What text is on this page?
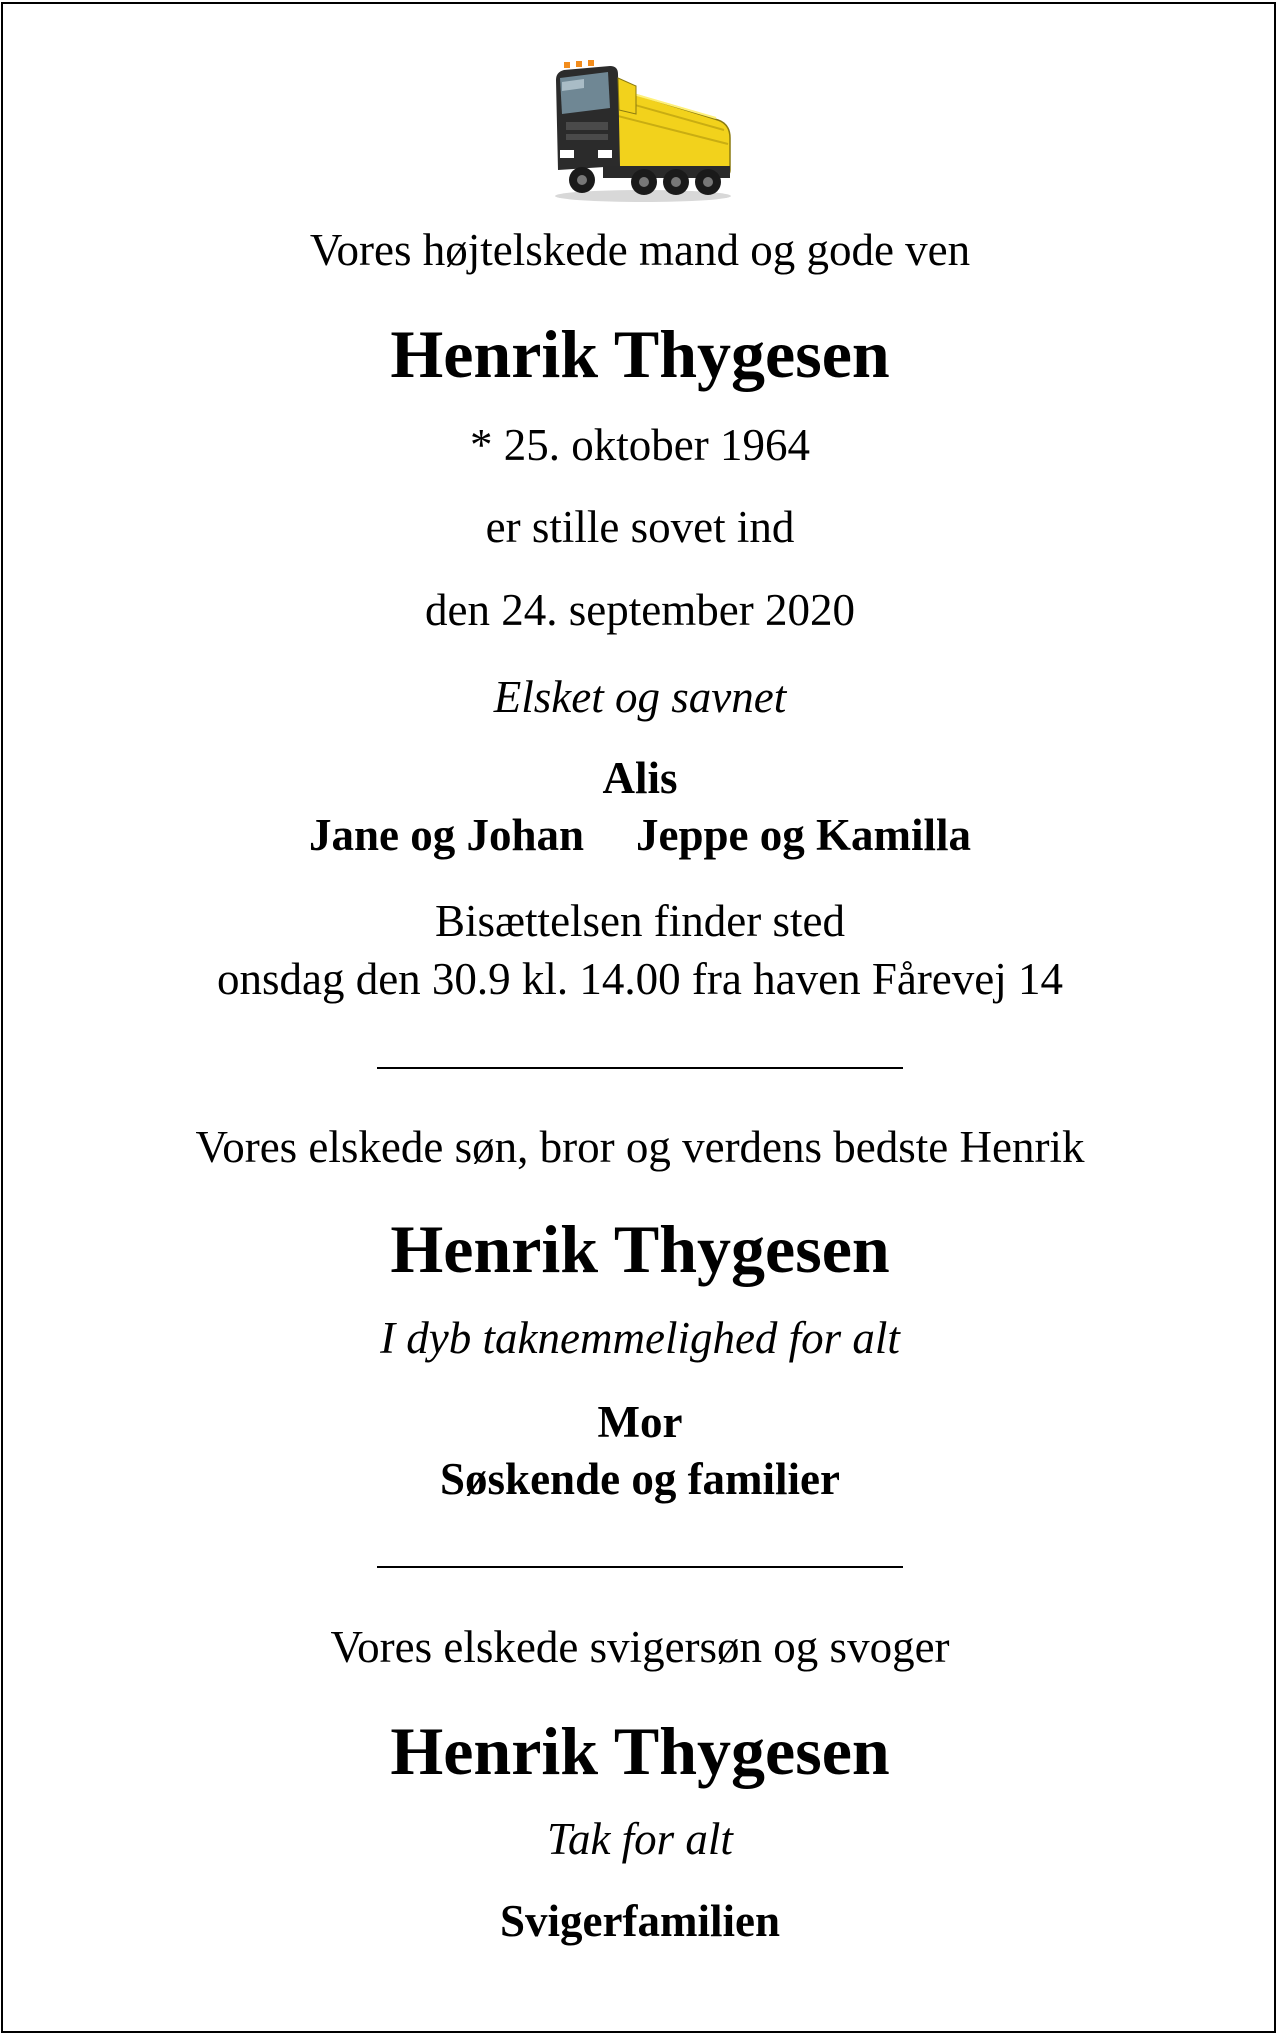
Vores højtelskede mand og gode ven
Henrik Thygesen
* 25. oktober 1964
er stille sovet ind
den 24. september 2020
Elsket og savnet
Alis
Jane og Johan Jeppe og Kamilla
Bisættelsen finder sted
onsdag den 30.9 kl. 14.00 fra haven Fårevej 14
Vores elskede søn, bror og verdens bedste Henrik
Henrik Thygesen
I dyb taknemmelighed for alt
Mor
Søskende og familier
Vores elskede svigersøn og svoger
Henrik Thygesen
Tak for alt
Svigerfamilien
